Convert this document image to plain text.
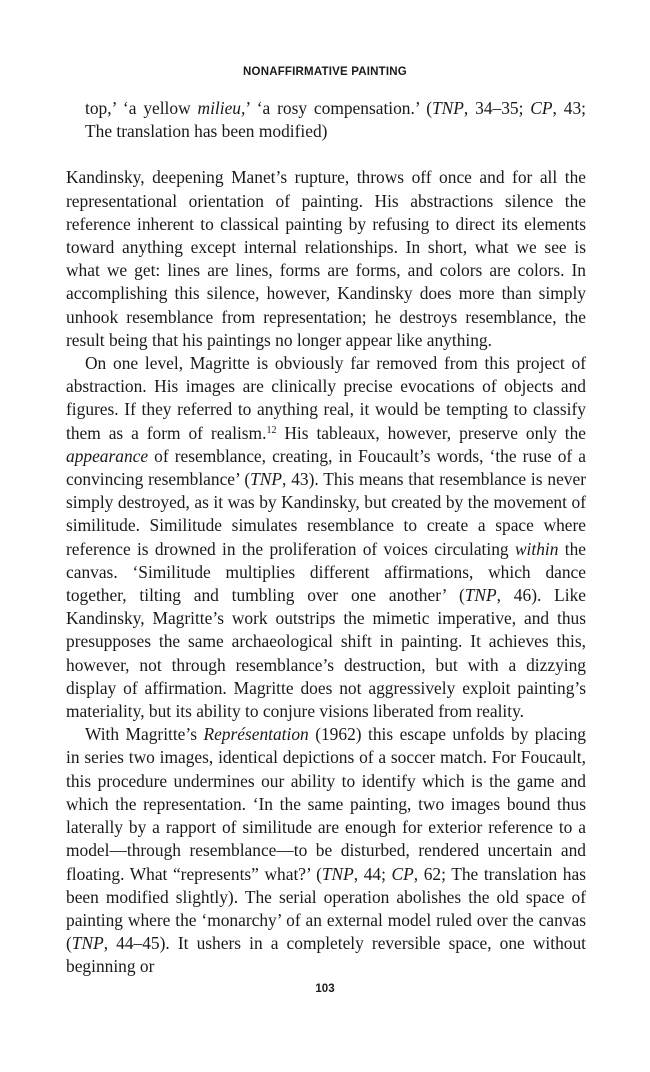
NONAFFIRMATIVE PAINTING

top,’ ‘a yellow milieu,’ ‘a rosy compensation.’ (TNP, 34–35; CP, 43; The translation has been modified)

Kandinsky, deepening Manet’s rupture, throws off once and for all the representational orientation of painting. His abstractions silence the reference inherent to classical painting by refusing to direct its elements toward anything except internal relationships. In short, what we see is what we get: lines are lines, forms are forms, and colors are colors. In accomplishing this silence, however, Kandinsky does more than simply unhook resemblance from representation; he destroys resemblance, the result being that his paintings no longer appear like anything.

On one level, Magritte is obviously far removed from this project of abstraction. His images are clinically precise evocations of objects and figures. If they referred to anything real, it would be tempting to classify them as a form of realism.$^{12}$ His tableaux, however, preserve only the appearance of resemblance, creating, in Foucault’s words, ‘the ruse of a convincing resemblance’ (TNP, 43). This means that resemblance is never simply destroyed, as it was by Kandinsky, but created by the movement of similitude. Similitude simulates resemblance to create a space where reference is drowned in the proliferation of voices circulating within the canvas. ‘Similitude multiplies different affirmations, which dance together, tilting and tumbling over one another’ (TNP, 46). Like Kandinsky, Magritte’s work outstrips the mimetic imperative, and thus presupposes the same archaeological shift in painting. It achieves this, however, not through resemblance’s destruction, but with a dizzying display of affirmation. Magritte does not aggressively exploit painting’s materiality, but its ability to conjure visions liberated from reality.

With Magritte’s Représentation (1962) this escape unfolds by placing in series two images, identical depictions of a soccer match. For Foucault, this procedure undermines our ability to identify which is the game and which the representation. ‘In the same painting, two images bound thus laterally by a rapport of similitude are enough for exterior reference to a model—through resemblance—to be disturbed, rendered uncertain and floating. What “represents” what?’ (TNP, 44; CP, 62; The translation has been modified slightly). The serial operation abolishes the old space of painting where the ‘monarchy’ of an external model ruled over the canvas (TNP, 44–45). It ushers in a completely reversible space, one without beginning or

103
